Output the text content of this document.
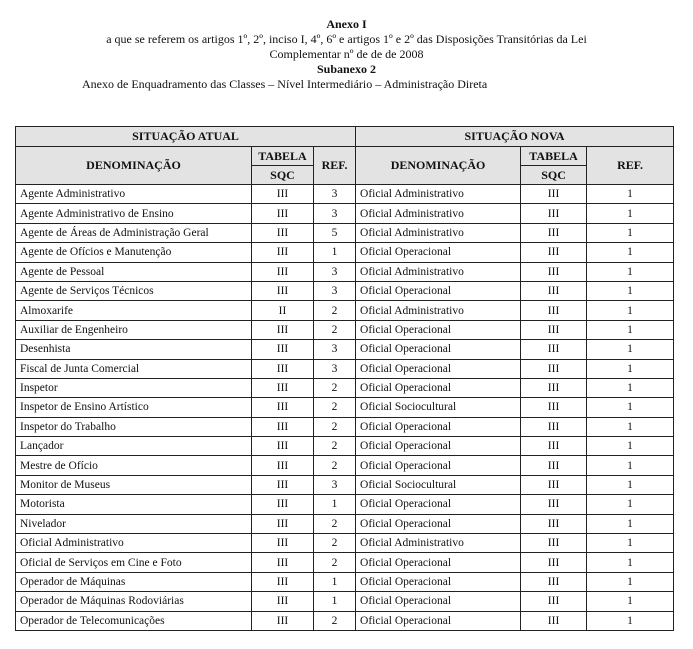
Anexo I
a que se referem os artigos 1º, 2º, inciso I, 4º, 6º e artigos 1º e 2º das Disposições Transitórias da Lei
Complementar nº de de de 2008
Subanexo 2
Anexo de Enquadramento das Classes – Nível Intermediário – Administração Direta
SITUAÇÃO ATUAL			SITUAÇÃO NOVA		
DENOMINAÇÃO	TABELA	REF.	DENOMINAÇÃO	TABELA	REF.
	SQC			SQC	
Agente Administrativo	III	3	Oficial Administrativo	III	1
Agente Administrativo de Ensino	III	3	Oficial Administrativo	III	1
Agente de Áreas de Administração Geral	III	5	Oficial Administrativo	III	1
Agente de Ofícios e Manutenção	III	1	Oficial Operacional	III	1
Agente de Pessoal	III	3	Oficial Administrativo	III	1
Agente de Serviços Técnicos	III	3	Oficial Operacional	III	1
Almoxarife	II	2	Oficial Administrativo	III	1
Auxiliar de Engenheiro	III	2	Oficial Operacional	III	1
Desenhista	III	3	Oficial Operacional	III	1
Fiscal de Junta Comercial	III	3	Oficial Operacional	III	1
Inspetor	III	2	Oficial Operacional	III	1
Inspetor de Ensino Artístico	III	2	Oficial Sociocultural	III	1
Inspetor do Trabalho	III	2	Oficial Operacional	III	1
Lançador	III	2	Oficial Operacional	III	1
Mestre de Ofício	III	2	Oficial Operacional	III	1
Monitor de Museus	III	3	Oficial Sociocultural	III	1
Motorista	III	1	Oficial Operacional	III	1
Nivelador	III	2	Oficial Operacional	III	1
Oficial Administrativo	III	2	Oficial Administrativo	III	1
Oficial de Serviços em Cine e Foto	III	2	Oficial Operacional	III	1
Operador de Máquinas	III	1	Oficial Operacional	III	1
Operador de Máquinas Rodoviárias	III	1	Oficial Operacional	III	1
Operador de Telecomunicações	III	2	Oficial Operacional	III	1
